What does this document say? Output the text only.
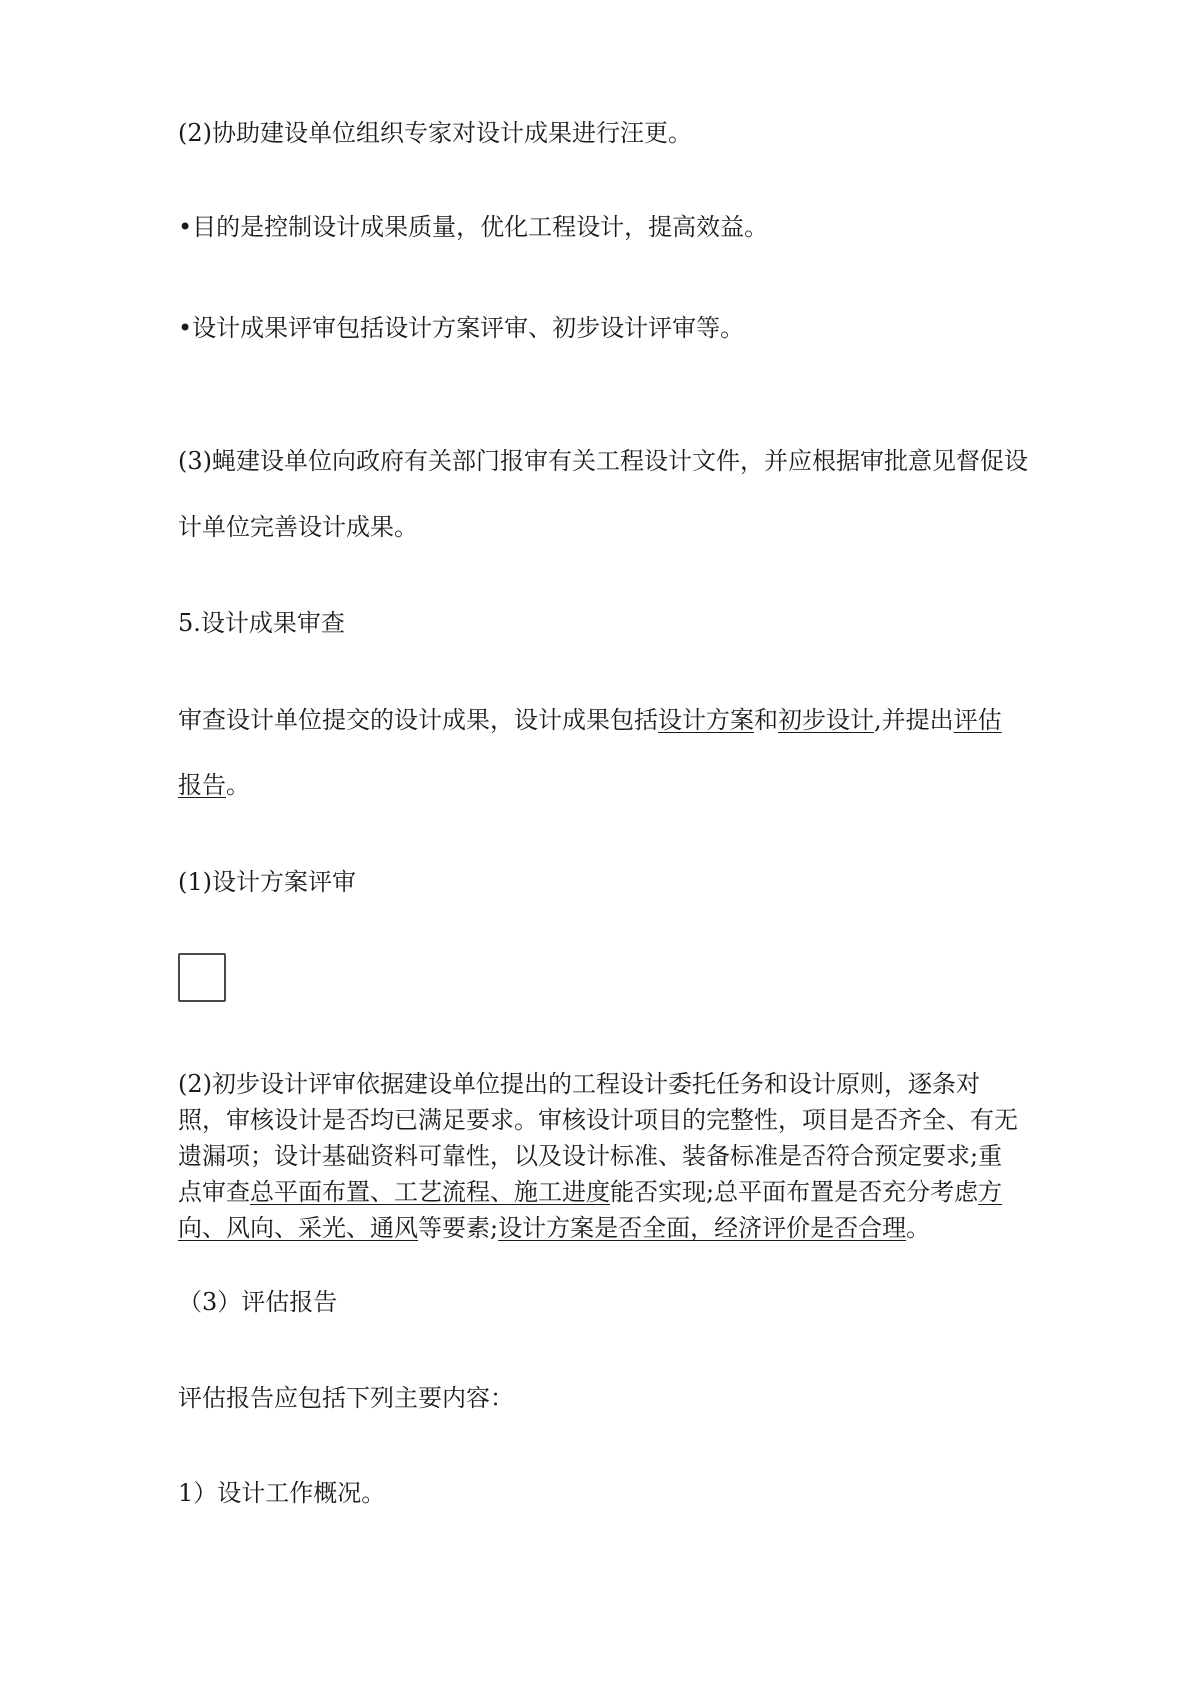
(2)协助建设单位组织专家对设计成果进行汪更。
•目的是控制设计成果质量，优化工程设计，提高效益。
•设计成果评审包括设计方案评审、初步设计评审等。
(3)蝇建设单位向政府有关部门报审有关工程设计文件，并应根据审批意见督促设
计单位完善设计成果。
5.设计成果审查
审查设计单位提交的设计成果，设计成果包括设计方案和初步设计,并提出评估
报告。
(1)设计方案评审
(2)初步设计评审依据建设单位提出的工程设计委托任务和设计原则，逐条对
照，审核设计是否均已满足要求。审核设计项目的完整性，项目是否齐全、有无
遗漏项；设计基础资料可靠性，以及设计标准、装备标准是否符合预定要求;重
点审查总平面布置、工艺流程、施工进度能否实现;总平面布置是否充分考虑方
向、风向、采光、通风等要素;设计方案是否全面，经济评价是否合理。
（3）评估报告
评估报告应包括下列主要内容：
1）设计工作概况。
